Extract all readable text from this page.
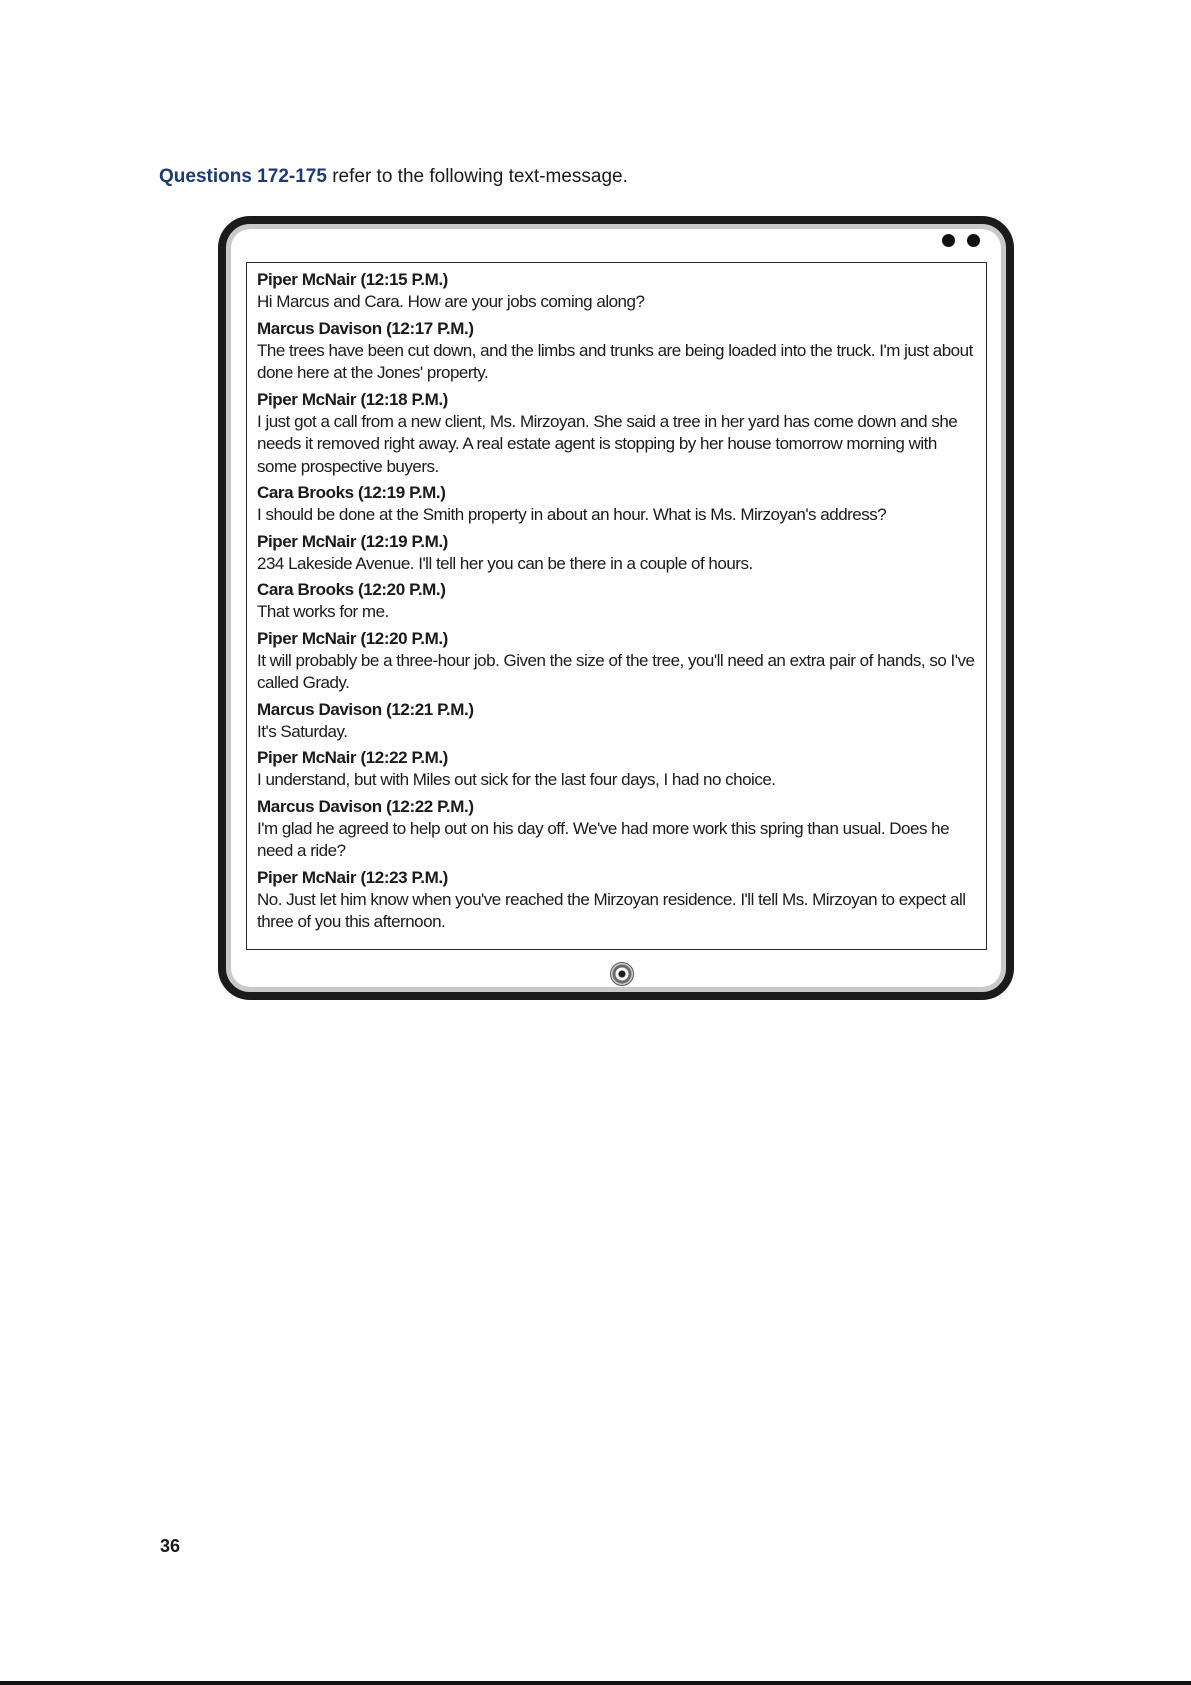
Questions 172-175 refer to the following text-message.
Piper McNair (12:15 P.M.)
Hi Marcus and Cara. How are your jobs coming along?
Marcus Davison (12:17 P.M.)
The trees have been cut down, and the limbs and trunks are being loaded into the truck. I'm just about done here at the Jones' property.
Piper McNair (12:18 P.M.)
I just got a call from a new client, Ms. Mirzoyan. She said a tree in her yard has come down and she needs it removed right away. A real estate agent is stopping by her house tomorrow morning with some prospective buyers.
Cara Brooks (12:19 P.M.)
I should be done at the Smith property in about an hour. What is Ms. Mirzoyan's address?
Piper McNair (12:19 P.M.)
234 Lakeside Avenue. I'll tell her you can be there in a couple of hours.
Cara Brooks (12:20 P.M.)
That works for me.
Piper McNair (12:20 P.M.)
It will probably be a three-hour job. Given the size of the tree, you'll need an extra pair of hands, so I've called Grady.
Marcus Davison (12:21 P.M.)
It's Saturday.
Piper McNair (12:22 P.M.)
I understand, but with Miles out sick for the last four days, I had no choice.
Marcus Davison (12:22 P.M.)
I'm glad he agreed to help out on his day off. We've had more work this spring than usual. Does he need a ride?
Piper McNair (12:23 P.M.)
No. Just let him know when you've reached the Mirzoyan residence. I'll tell Ms. Mirzoyan to expect all three of you this afternoon.
36
